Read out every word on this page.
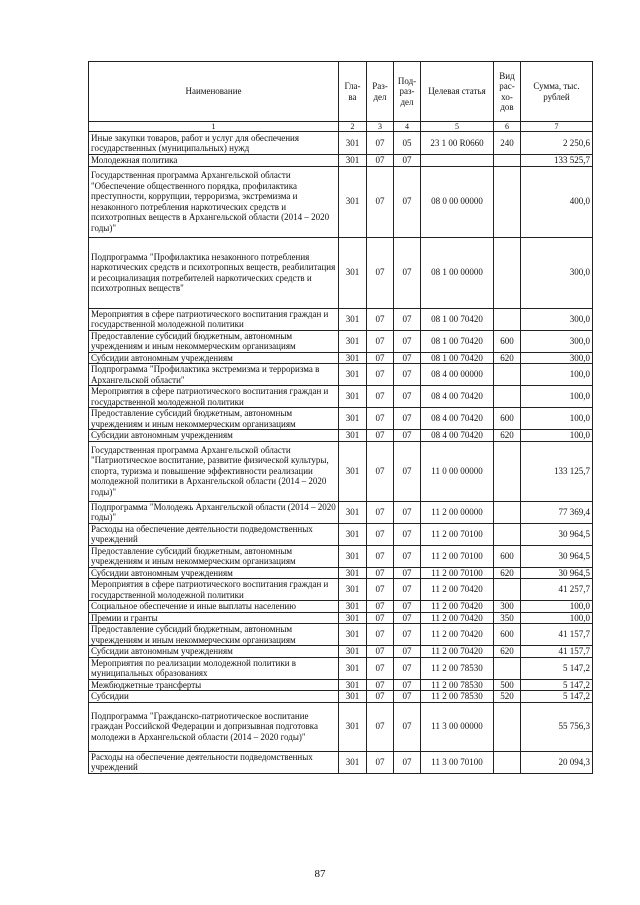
Наименование	Гла-ва	Раз-дел	Под-раз-дел	Целевая статья	Вид рас-хо-дов	Сумма, тыс. рублей
1	2	3	4	5	6	7
Иные закупки товаров, работ и услуг для обеспечения государственных (муниципальных) нужд	301	07	05	23 1 00 R0660	240	2 250,6
Молодежная политика	301	07	07			133 525,7
Государственная программа Архангельской области "Обеспечение общественного порядка, профилактика преступности, коррупции, терроризма, экстремизма и незаконного потребления наркотических средств и психотропных веществ в Архангельской области (2014 – 2020 годы)"	301	07	07	08 0 00 00000		400,0
Подпрограмма "Профилактика незаконного потребления наркотических средств и психотропных веществ, реабилитация и ресоциализация потребителей наркотических средств и психотропных веществ"	301	07	07	08 1 00 00000		300,0
Мероприятия в сфере патриотического воспитания граждан и государственной молодежной политики	301	07	07	08 1 00 70420		300,0
Предоставление субсидий бюджетным, автономным учреждениям и иным некоммерческим организациям	301	07	07	08 1 00 70420	600	300,0
Субсидии автономным учреждениям	301	07	07	08 1 00 70420	620	300,0
Подпрограмма "Профилактика экстремизма и терроризма в Архангельской области"	301	07	07	08 4 00 00000		100,0
Мероприятия в сфере патриотического воспитания граждан и государственной молодежной политики	301	07	07	08 4 00 70420		100,0
Предоставление субсидий бюджетным, автономным учреждениям и иным некоммерческим организациям	301	07	07	08 4 00 70420	600	100,0
Субсидии автономным учреждениям	301	07	07	08 4 00 70420	620	100,0
Государственная программа Архангельской области "Патриотическое воспитание, развитие физической культуры, спорта, туризма и повышение эффективности реализации молодежной политики в Архангельской области (2014 – 2020 годы)"	301	07	07	11 0 00 00000		133 125,7
Подпрограмма "Молодежь Архангельской области (2014 – 2020 годы)"	301	07	07	11 2 00 00000		77 369,4
Расходы на обеспечение деятельности подведомственных учреждений	301	07	07	11 2 00 70100		30 964,5
Предоставление субсидий бюджетным, автономным учреждениям и иным некоммерческим организациям	301	07	07	11 2 00 70100	600	30 964,5
Субсидии автономным учреждениям	301	07	07	11 2 00 70100	620	30 964,5
Мероприятия в сфере патриотического воспитания граждан и государственной молодежной политики	301	07	07	11 2 00 70420		41 257,7
Социальное обеспечение и иные выплаты населению	301	07	07	11 2 00 70420	300	100,0
Премии и гранты	301	07	07	11 2 00 70420	350	100,0
Предоставление субсидий бюджетным, автономным учреждениям и иным некоммерческим организациям	301	07	07	11 2 00 70420	600	41 157,7
Субсидии автономным учреждениям	301	07	07	11 2 00 70420	620	41 157,7
Мероприятия по реализации молодежной политики в муниципальных образованиях	301	07	07	11 2 00 78530		5 147,2
Межбюджетные трансферты	301	07	07	11 2 00 78530	500	5 147,2
Субсидии	301	07	07	11 2 00 78530	520	5 147,2
Подпрограмма "Гражданско-патриотическое воспитание граждан Российской Федерации и допризывная подготовка молодежи в Архангельской области (2014 – 2020 годы)"	301	07	07	11 3 00 00000		55 756,3
Расходы на обеспечение деятельности подведомственных учреждений	301	07	07	11 3 00 70100		20 094,3
87
